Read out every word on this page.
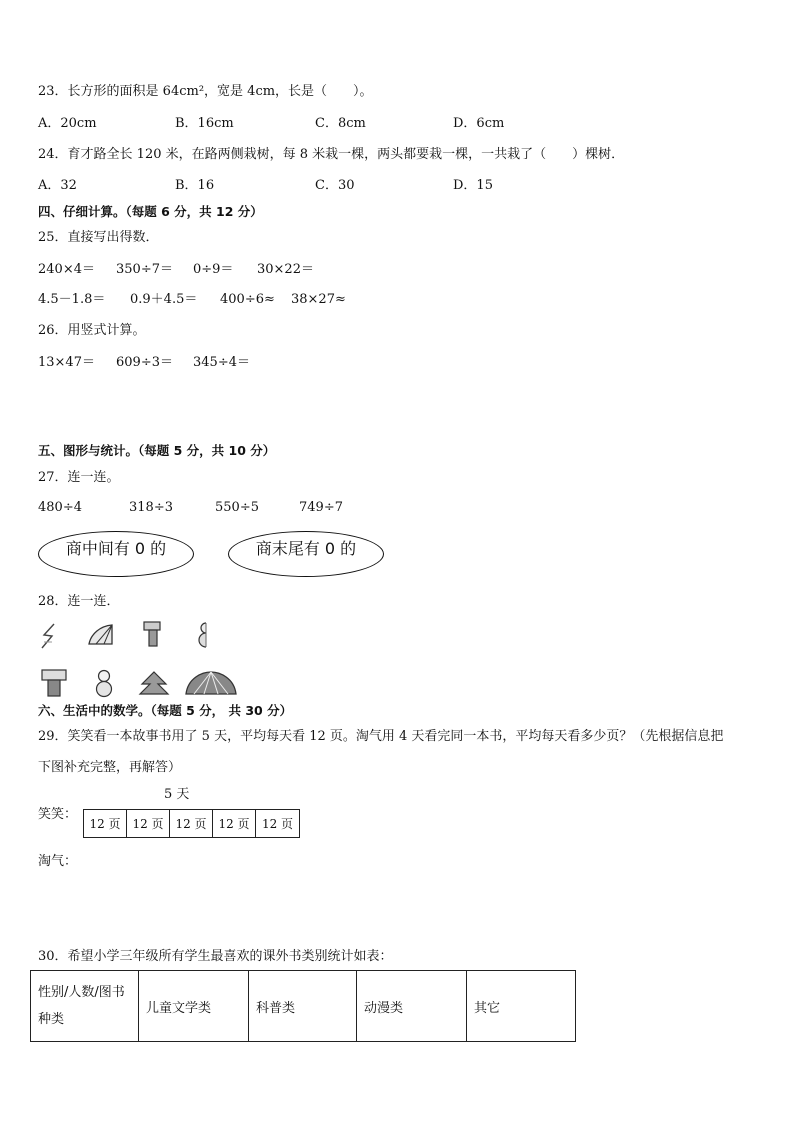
23．长方形的面积是 64cm²，宽是 4cm，长是（　　）。
A．20cm	B．16cm	C．8cm	D．6cm
24．育才路全长 120 米，在路两侧栽树，每 8 米栽一棵，两头都要栽一棵，一共栽了（　　）棵树．
A．32	B．16	C．30	D．15
四、仔细计算。（每题 6 分，共 12 分）
25．直接写出得数．
240×4＝ 350÷7＝ 0÷9＝ 30×22＝
4.5－1.8＝ 0.9＋4.5＝ 400÷6≈ 38×27≈
26．用竖式计算。
13×47＝ 609÷3＝ 345÷4＝
五、图形与统计。（每题 5 分，共 10 分）
27．连一连。
480÷4	318÷3	550÷5	749÷7
商中间有 0 的	商末尾有 0 的
28．连一连．
六、生活中的数学。（每题 5 分， 共 30 分）
29．笑笑看一本故事书用了 5 天，平均每天看 12 页。淘气用 4 天看完同一本书，平均每天看多少页？（先根据信息把
下图补充完整，再解答）
5 天
笑笑：
12 页 12 页 12 页 12 页	12 页
淘气：
30．希望小学三年级所有学生最喜欢的课外书类别统计如表：
性别/人数/图书
种类	儿童文学类	科普类	动漫类	其它
